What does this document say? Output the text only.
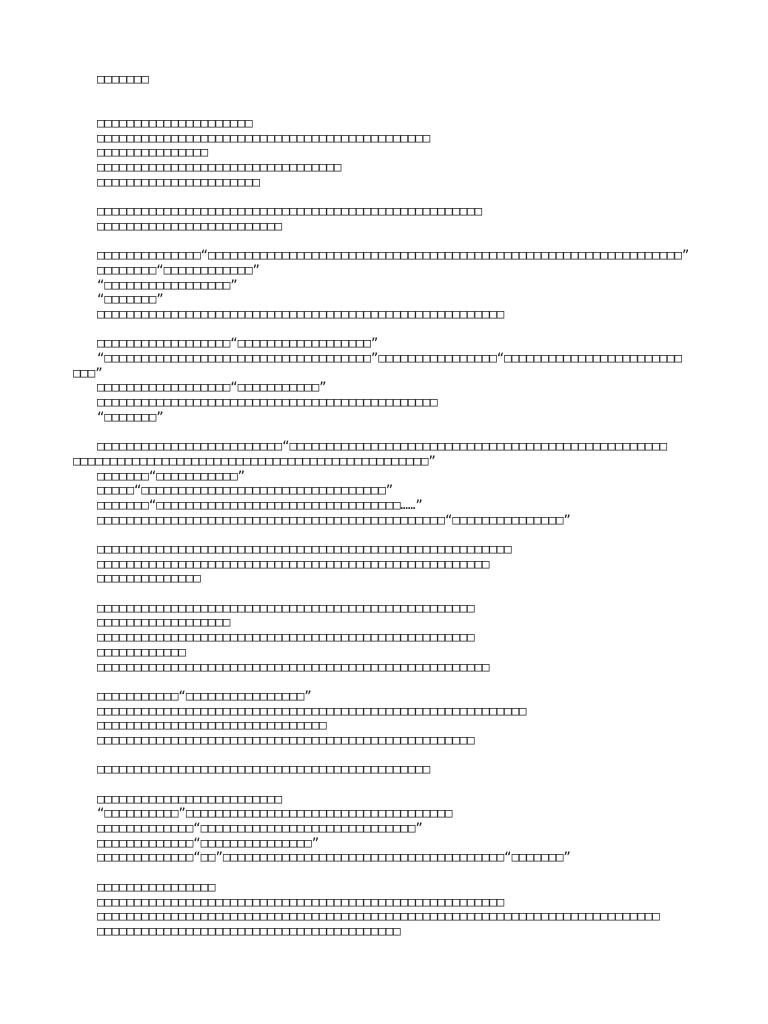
□□□□□□□
□□□□□□□□□□□□□□□□□□□□□
□□□□□□□□□□□□□□□□□□□□□□□□□□□□□□□□□□□□□□□□□□□□□
□□□□□□□□□□□□□□□
□□□□□□□□□□□□□□□□□□□□□□□□□□□□□□□□□
□□□□□□□□□□□□□□□□□□□□□□
□□□□□□□□□□□□□□□□□□□□□□□□□□□□□□□□□□□□□□□□□□□□□□□□□□□□
□□□□□□□□□□□□□□□□□□□□□□□□□
□□□□□□□□□□□□□□“□□□□□□□□□□□□□□□□□□□□□□□□□□□□□□□□□□□□□□□□□□□□□□□□□□□□□□□□□□□□□□□□”
□□□□□□□□“□□□□□□□□□□□□”
“□□□□□□□□□□□□□□□□□”
“□□□□□□□”
□□□□□□□□□□□□□□□□□□□□□□□□□□□□□□□□□□□□□□□□□□□□□□□□□□□□□□□
□□□□□□□□□□□□□□□□□□“□□□□□□□□□□□□□□□□□□”
“□□□□□□□□□□□□□□□□□□□□□□□□□□□□□□□□□□□□”□□□□□□□□□□□□□□□□“□□□□□□□□□□□□□□□□□□□□□□□□
□□□”
□□□□□□□□□□□□□□□□□□“□□□□□□□□□□□”
□□□□□□□□□□□□□□□□□□□□□□□□□□□□□□□□□□□□□□□□□□□□□□
“□□□□□□□”
□□□□□□□□□□□□□□□□□□□□□□□□□“□□□□□□□□□□□□□□□□□□□□□□□□□□□□□□□□□□□□□□□□□□□□□□□□□□□
□□□□□□□□□□□□□□□□□□□□□□□□□□□□□□□□□□□□□□□□□□□□□□□□”
□□□□□□□“□□□□□□□□□□□”
□□□□□“□□□□□□□□□□□□□□□□□□□□□□□□□□□□□□□□□”
□□□□□□□“□□□□□□□□□□□□□□□□□□□□□□□□□□□□□□□□□……”
□□□□□□□□□□□□□□□□□□□□□□□□□□□□□□□□□□□□□□□□□□□□□□□“□□□□□□□□□□□□□□□”
□□□□□□□□□□□□□□□□□□□□□□□□□□□□□□□□□□□□□□□□□□□□□□□□□□□□□□□□
□□□□□□□□□□□□□□□□□□□□□□□□□□□□□□□□□□□□□□□□□□□□□□□□□□□□□
□□□□□□□□□□□□□□
□□□□□□□□□□□□□□□□□□□□□□□□□□□□□□□□□□□□□□□□□□□□□□□□□□□
□□□□□□□□□□□□□□□□□□
□□□□□□□□□□□□□□□□□□□□□□□□□□□□□□□□□□□□□□□□□□□□□□□□□□□
□□□□□□□□□□□□
□□□□□□□□□□□□□□□□□□□□□□□□□□□□□□□□□□□□□□□□□□□□□□□□□□□□□
□□□□□□□□□□□“□□□□□□□□□□□□□□□□”
□□□□□□□□□□□□□□□□□□□□□□□□□□□□□□□□□□□□□□□□□□□□□□□□□□□□□□□□□□
□□□□□□□□□□□□□□□□□□□□□□□□□□□□□□□
□□□□□□□□□□□□□□□□□□□□□□□□□□□□□□□□□□□□□□□□□□□□□□□□□□□
□□□□□□□□□□□□□□□□□□□□□□□□□□□□□□□□□□□□□□□□□□□□□
□□□□□□□□□□□□□□□□□□□□□□□□□
“□□□□□□□□□□”□□□□□□□□□□□□□□□□□□□□□□□□□□□□□□□□□□□□
□□□□□□□□□□□□□“□□□□□□□□□□□□□□□□□□□□□□□□□□□□□”
□□□□□□□□□□□□□“□□□□□□□□□□□□□□□”
□□□□□□□□□□□□□“□□”□□□□□□□□□□□□□□□□□□□□□□□□□□□□□□□□□□□□□□“□□□□□□□”
□□□□□□□□□□□□□□□□
□□□□□□□□□□□□□□□□□□□□□□□□□□□□□□□□□□□□□□□□□□□□□□□□□□□□□□□
□□□□□□□□□□□□□□□□□□□□□□□□□□□□□□□□□□□□□□□□□□□□□□□□□□□□□□□□□□□□□□□□□□□□□□□□□□□□
□□□□□□□□□□□□□□□□□□□□□□□□□□□□□□□□□□□□□□□□□
